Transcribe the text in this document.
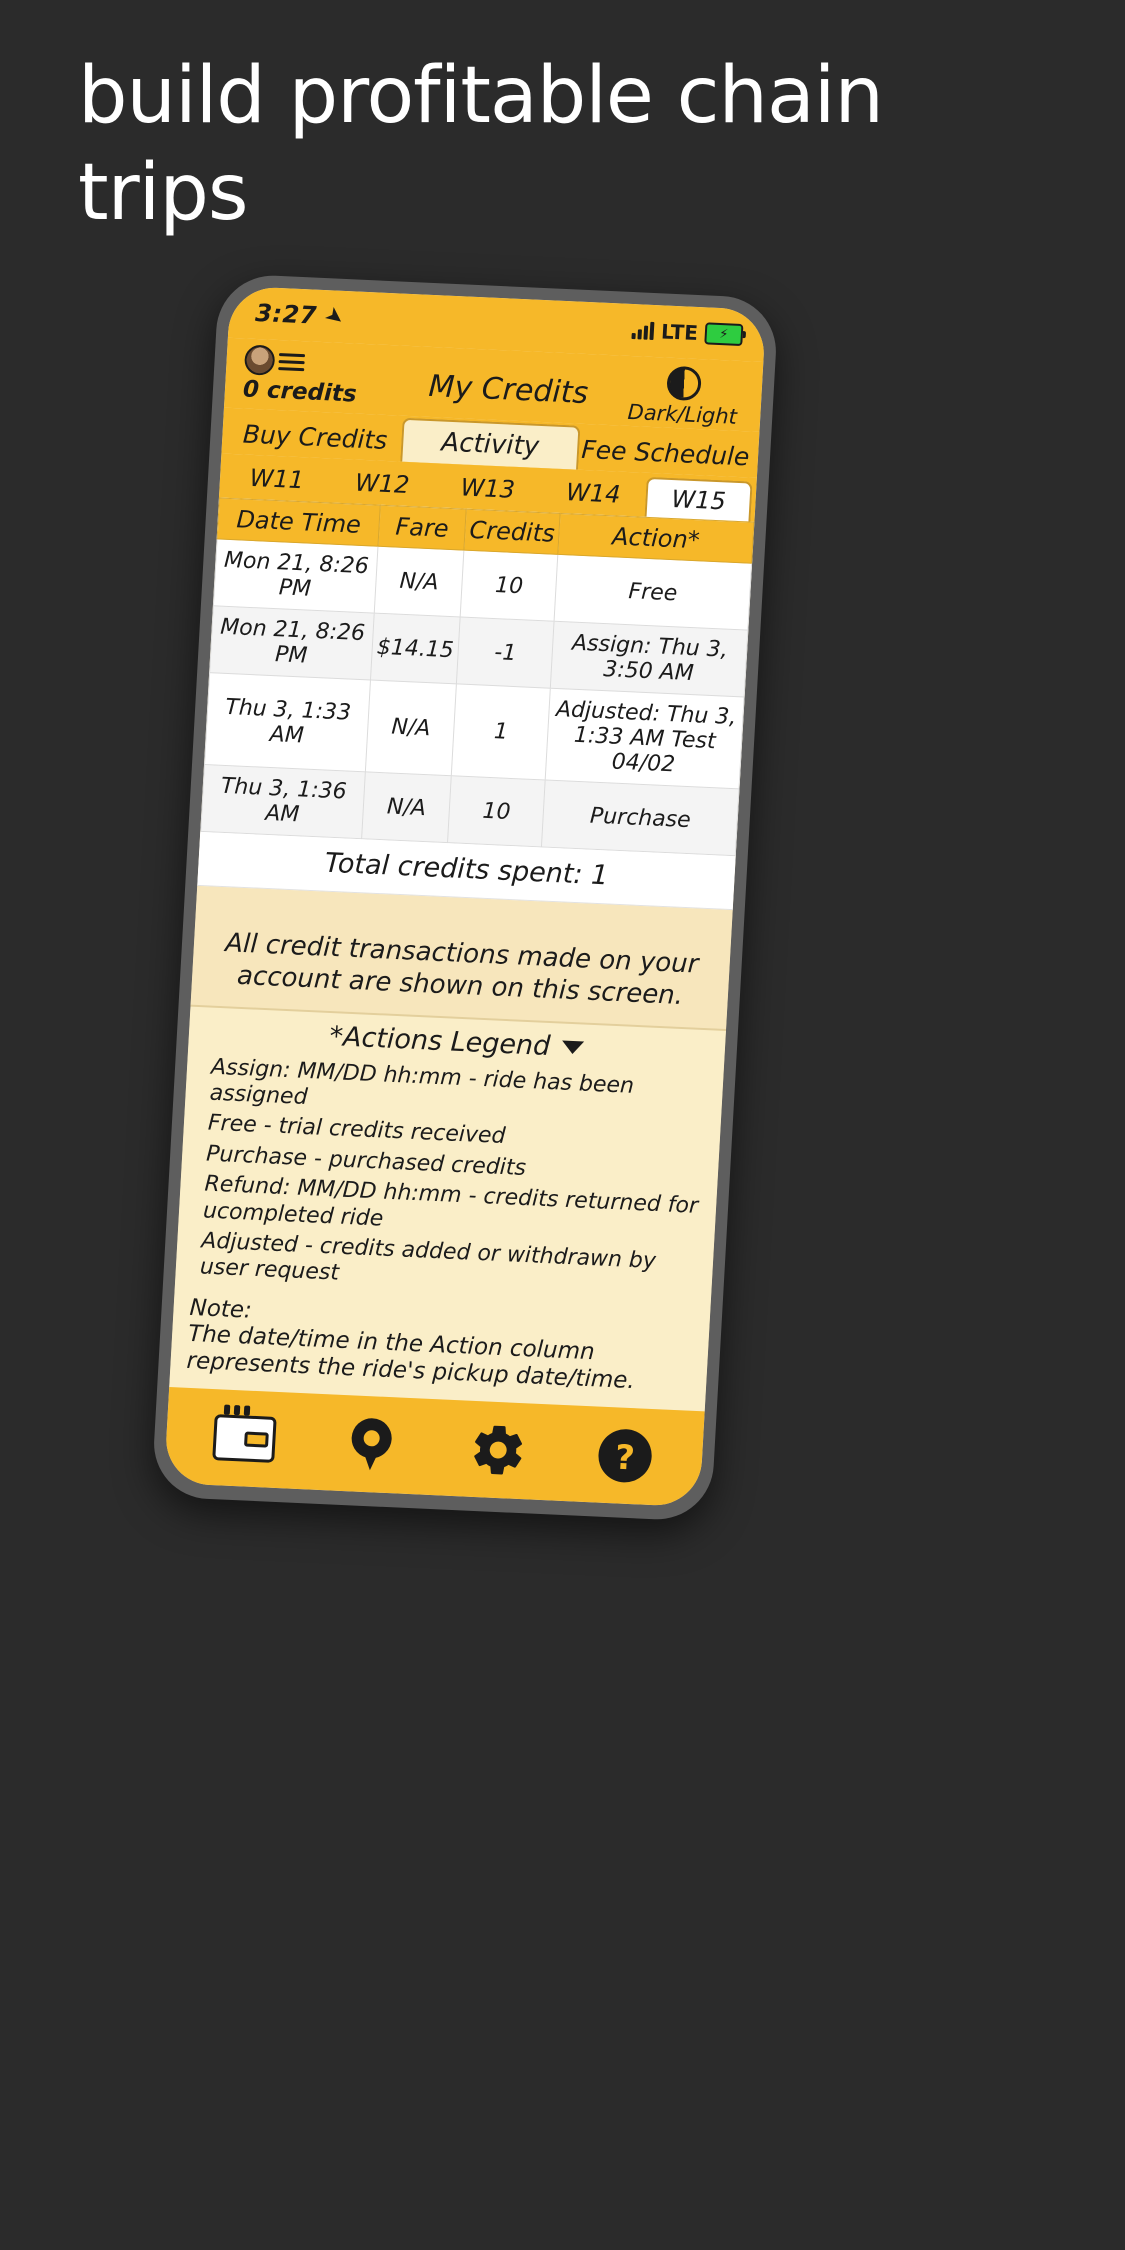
build profitable chain trips
3:27 ➤
LTE ⚡
0 credits	My Credits
Dark/Light
Buy Credits	Activity	Fee Schedule
W11	W12	W13	W14	W15
Date Time	Fare	Credits	Action*
Mon 21, 8:26 PM	N/A	10	Free
Mon 21, 8:26 PM	$14.15	-1	Assign: Thu 3, 3:50 AM
Thu 3, 1:33 AM	N/A	1	Adjusted: Thu 3, 1:33 AM Test 04/02
Thu 3, 1:36 AM	N/A	10	Purchase
Total credits spent: 1
All credit transactions made on your account are shown on this screen.
*Actions Legend
Assign: MM/DD hh:mm - ride has been assigned
Free - trial credits received
Purchase - purchased credits
Refund: MM/DD hh:mm - credits returned for ucompleted ride
Adjusted - credits added or withdrawn by user request
Note:
The date/time in the Action column represents the ride's pickup date/time.
?
